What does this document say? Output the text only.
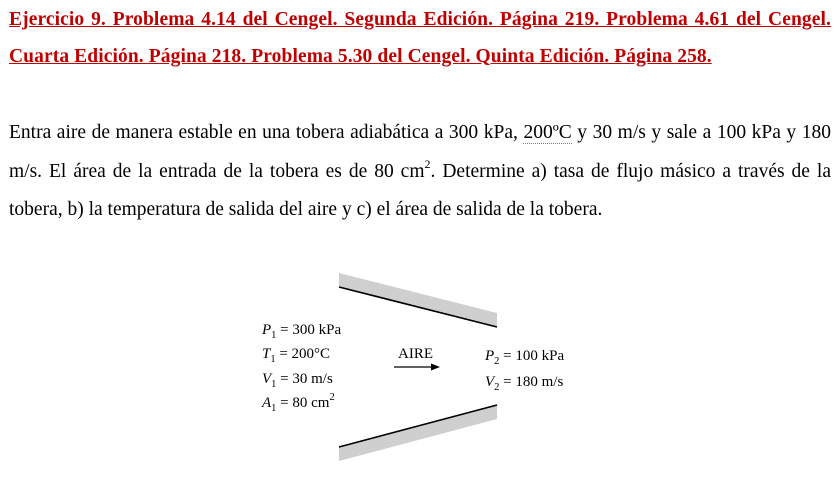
Ejercicio 9. Problema 4.14 del Cengel. Segunda Edición. Página 219. Problema 4.61 del Cengel. Cuarta Edición. Página 218. Problema 5.30 del Cengel. Quinta Edición. Página 258.
Entra aire de manera estable en una tobera adiabática a 300 kPa, 200ºC y 30 m/s y sale a 100 kPa y 180 m/s. El área de la entrada de la tobera es de 80 $cm^2$. Determine a) tasa de flujo másico a través de la tobera, b) la temperatura de salida del aire y c) el área de salida de la tobera.
$P_1 = 300$ kPa
$T_1 = 200^\circ C$
$V_1 = 30$ m/s
$A_1 = 80$ $cm^2$
AIRE	$P_2 = 100$ kPa
$V_2 = 180$ m/s
